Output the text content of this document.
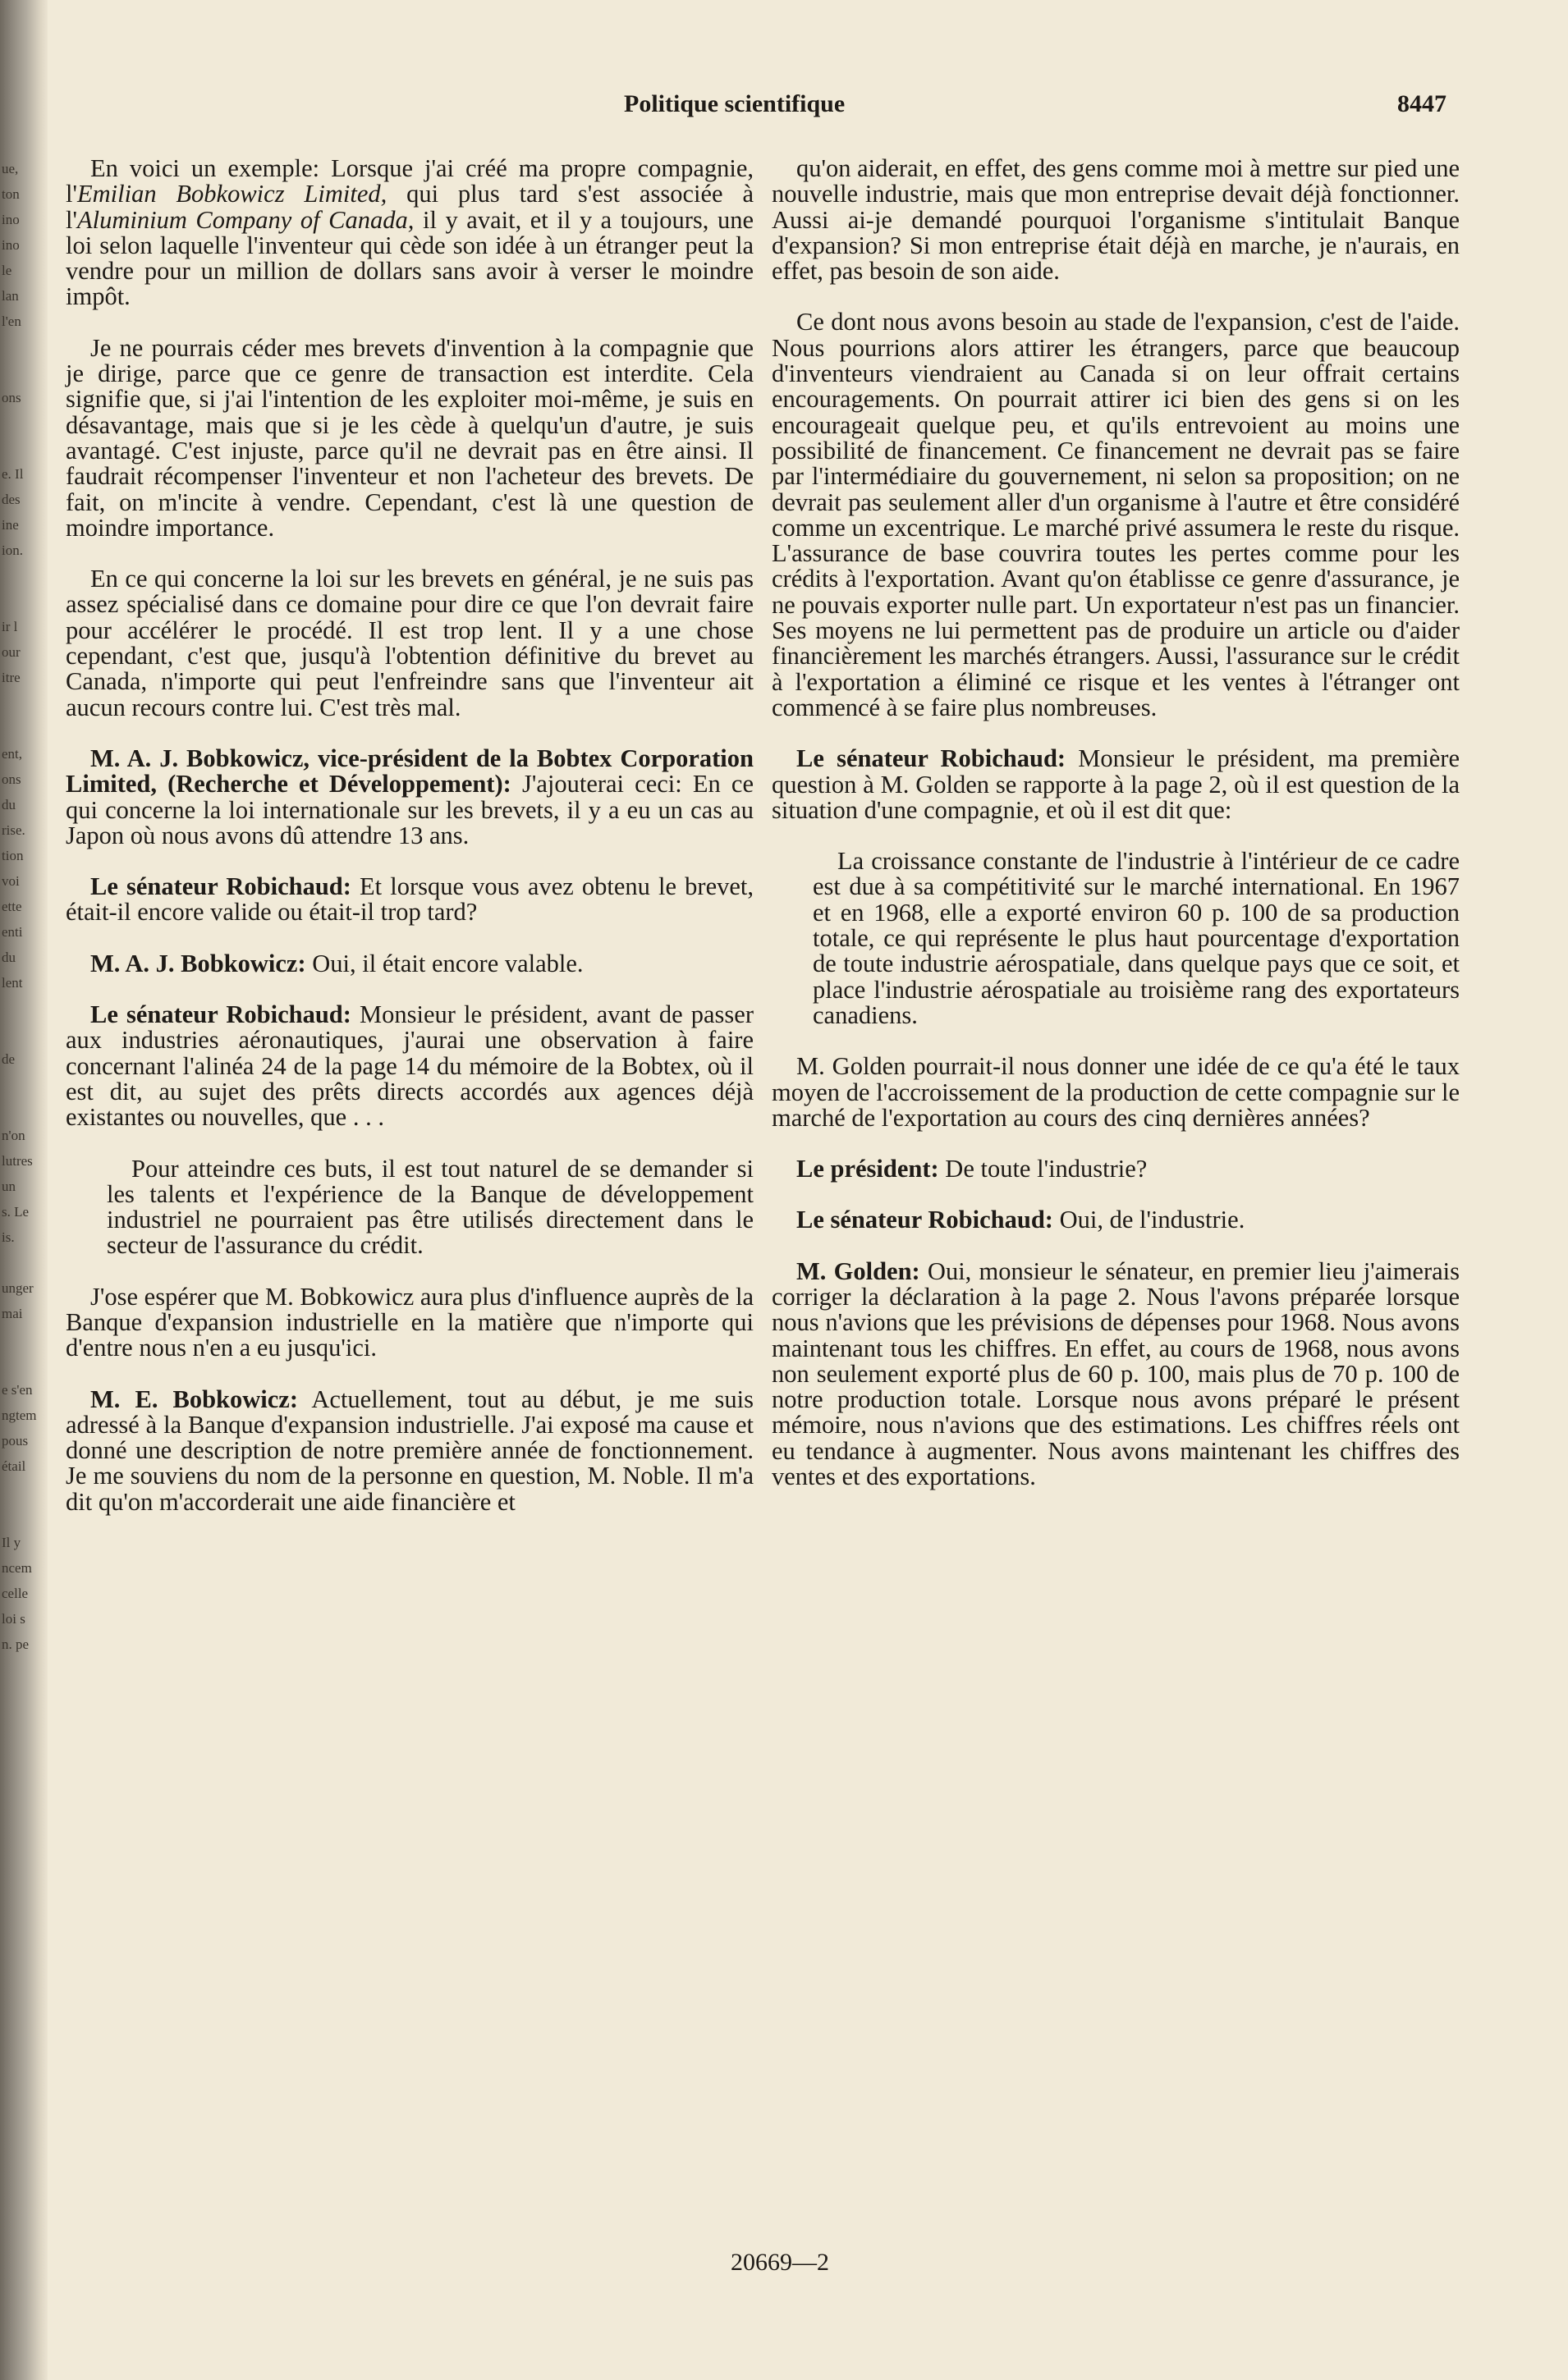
ue,
ton
ino
ino
le
lan
l'en
ons
e. Il
des
ine
ion.
ir l
our
itre
ent,
ons
du
rise.
tion
voi
ette
enti
du
lent
de
n'on
lutres
un
s. Le
is.
unger
mai
e s'en
ngtem
pous
étail
Il y
ncem
celle
loi s
n. pe
Politique scientifique	8447

En voici un exemple: Lorsque j'ai créé ma propre compagnie, l'Emilian Bobkowicz Limited, qui plus tard s'est associée à l'Aluminium Company of Canada, il y avait, et il y a toujours, une loi selon laquelle l'inventeur qui cède son idée à un étranger peut la vendre pour un million de dollars sans avoir à verser le moindre impôt.

Je ne pourrais céder mes brevets d'invention à la compagnie que je dirige, parce que ce genre de transaction est interdite. Cela signifie que, si j'ai l'intention de les exploiter moi-même, je suis en désavantage, mais que si je les cède à quelqu'un d'autre, je suis avantagé. C'est injuste, parce qu'il ne devrait pas en être ainsi. Il faudrait récompenser l'inventeur et non l'acheteur des brevets. De fait, on m'incite à vendre. Cependant, c'est là une question de moindre importance.

En ce qui concerne la loi sur les brevets en général, je ne suis pas assez spécialisé dans ce domaine pour dire ce que l'on devrait faire pour accélérer le procédé. Il est trop lent. Il y a une chose cependant, c'est que, jusqu'à l'obtention définitive du brevet au Canada, n'importe qui peut l'enfreindre sans que l'inventeur ait aucun recours contre lui. C'est très mal.

M. A. J. Bobkowicz, vice-président de la Bobtex Corporation Limited, (Recherche et Développement): J'ajouterai ceci: En ce qui concerne la loi internationale sur les brevets, il y a eu un cas au Japon où nous avons dû attendre 13 ans.

Le sénateur Robichaud: Et lorsque vous avez obtenu le brevet, était-il encore valide ou était-il trop tard?

M. A. J. Bobkowicz: Oui, il était encore valable.

Le sénateur Robichaud: Monsieur le président, avant de passer aux industries aéronautiques, j'aurai une observation à faire concernant l'alinéa 24 de la page 14 du mémoire de la Bobtex, où il est dit, au sujet des prêts directs accordés aux agences déjà existantes ou nouvelles, que . . .

Pour atteindre ces buts, il est tout naturel de se demander si les talents et l'expérience de la Banque de développement industriel ne pourraient pas être utilisés directement dans le secteur de l'assurance du crédit.

J'ose espérer que M. Bobkowicz aura plus d'influence auprès de la Banque d'expansion industrielle en la matière que n'importe qui d'entre nous n'en a eu jusqu'ici.

M. E. Bobkowicz: Actuellement, tout au début, je me suis adressé à la Banque d'expansion industrielle. J'ai exposé ma cause et donné une description de notre première année de fonctionnement. Je me souviens du nom de la personne en question, M. Noble. Il m'a dit qu'on m'accorderait une aide financière et

qu'on aiderait, en effet, des gens comme moi à mettre sur pied une nouvelle industrie, mais que mon entreprise devait déjà fonctionner. Aussi ai-je demandé pourquoi l'organisme s'intitulait Banque d'expansion? Si mon entreprise était déjà en marche, je n'aurais, en effet, pas besoin de son aide.

Ce dont nous avons besoin au stade de l'expansion, c'est de l'aide. Nous pourrions alors attirer les étrangers, parce que beaucoup d'inventeurs viendraient au Canada si on leur offrait certains encouragements. On pourrait attirer ici bien des gens si on les encourageait quelque peu, et qu'ils entrevoient au moins une possibilité de financement. Ce financement ne devrait pas se faire par l'intermédiaire du gouvernement, ni selon sa proposition; on ne devrait pas seulement aller d'un organisme à l'autre et être considéré comme un excentrique. Le marché privé assumera le reste du risque. L'assurance de base couvrira toutes les pertes comme pour les crédits à l'exportation. Avant qu'on établisse ce genre d'assurance, je ne pouvais exporter nulle part. Un exportateur n'est pas un financier. Ses moyens ne lui permettent pas de produire un article ou d'aider financièrement les marchés étrangers. Aussi, l'assurance sur le crédit à l'exportation a éliminé ce risque et les ventes à l'étranger ont commencé à se faire plus nombreuses.

Le sénateur Robichaud: Monsieur le président, ma première question à M. Golden se rapporte à la page 2, où il est question de la situation d'une compagnie, et où il est dit que:

La croissance constante de l'industrie à l'intérieur de ce cadre est due à sa compétitivité sur le marché international. En 1967 et en 1968, elle a exporté environ 60 p. 100 de sa production totale, ce qui représente le plus haut pourcentage d'exportation de toute industrie aérospatiale, dans quelque pays que ce soit, et place l'industrie aérospatiale au troisième rang des exportateurs canadiens.

M. Golden pourrait-il nous donner une idée de ce qu'a été le taux moyen de l'accroissement de la production de cette compagnie sur le marché de l'exportation au cours des cinq dernières années?

Le président: De toute l'industrie?

Le sénateur Robichaud: Oui, de l'industrie.

M. Golden: Oui, monsieur le sénateur, en premier lieu j'aimerais corriger la déclaration à la page 2. Nous l'avons préparée lorsque nous n'avions que les prévisions de dépenses pour 1968. Nous avons maintenant tous les chiffres. En effet, au cours de 1968, nous avons non seulement exporté plus de 60 p. 100, mais plus de 70 p. 100 de notre production totale. Lorsque nous avons préparé le présent mémoire, nous n'avions que des estimations. Les chiffres réels ont eu tendance à augmenter. Nous avons maintenant les chiffres des ventes et des exportations.

20669—2
